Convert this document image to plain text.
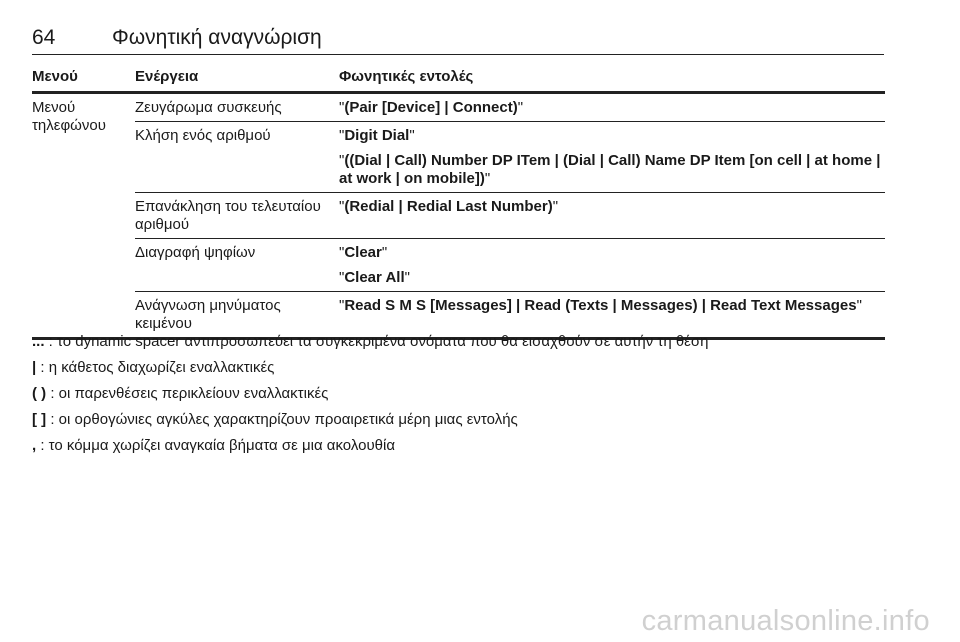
64	Φωνητική αναγνώριση
Μενού	Ενέργεια	Φωνητικές εντολές
Μενού τηλεφώνου	Ζευγάρωμα συσκευής	"(Pair [Device] | Connect)"

	Κλήση ενός αριθμού	"Digit Dial"
"((Dial | Call) Number DP ITem | (Dial | Call) Name DP Item [on cell | at home | at work | on mobile])"

	Επανάκληση του τελευταίου αριθμού	"(Redial | Redial Last Number)"

	Διαγραφή ψηφίων	"Clear"
"Clear All"

	Ανάγνωση μηνύματος κειμένου	"Read S M S [Messages] | Read (Texts | Messages) | Read Text Messages"
... : το dynamic spacer αντιπροσωπεύει τα συγκεκριμένα ονόματα που θα εισαχθούν σε αυτήν τη θέση
| : η κάθετος διαχωρίζει εναλλακτικές
( ) : οι παρενθέσεις περικλείουν εναλλακτικές
[ ] : οι ορθογώνιες αγκύλες χαρακτηρίζουν προαιρετικά μέρη μιας εντολής
, : το κόμμα χωρίζει αναγκαία βήματα σε μια ακολουθία
carmanualsonline.info
